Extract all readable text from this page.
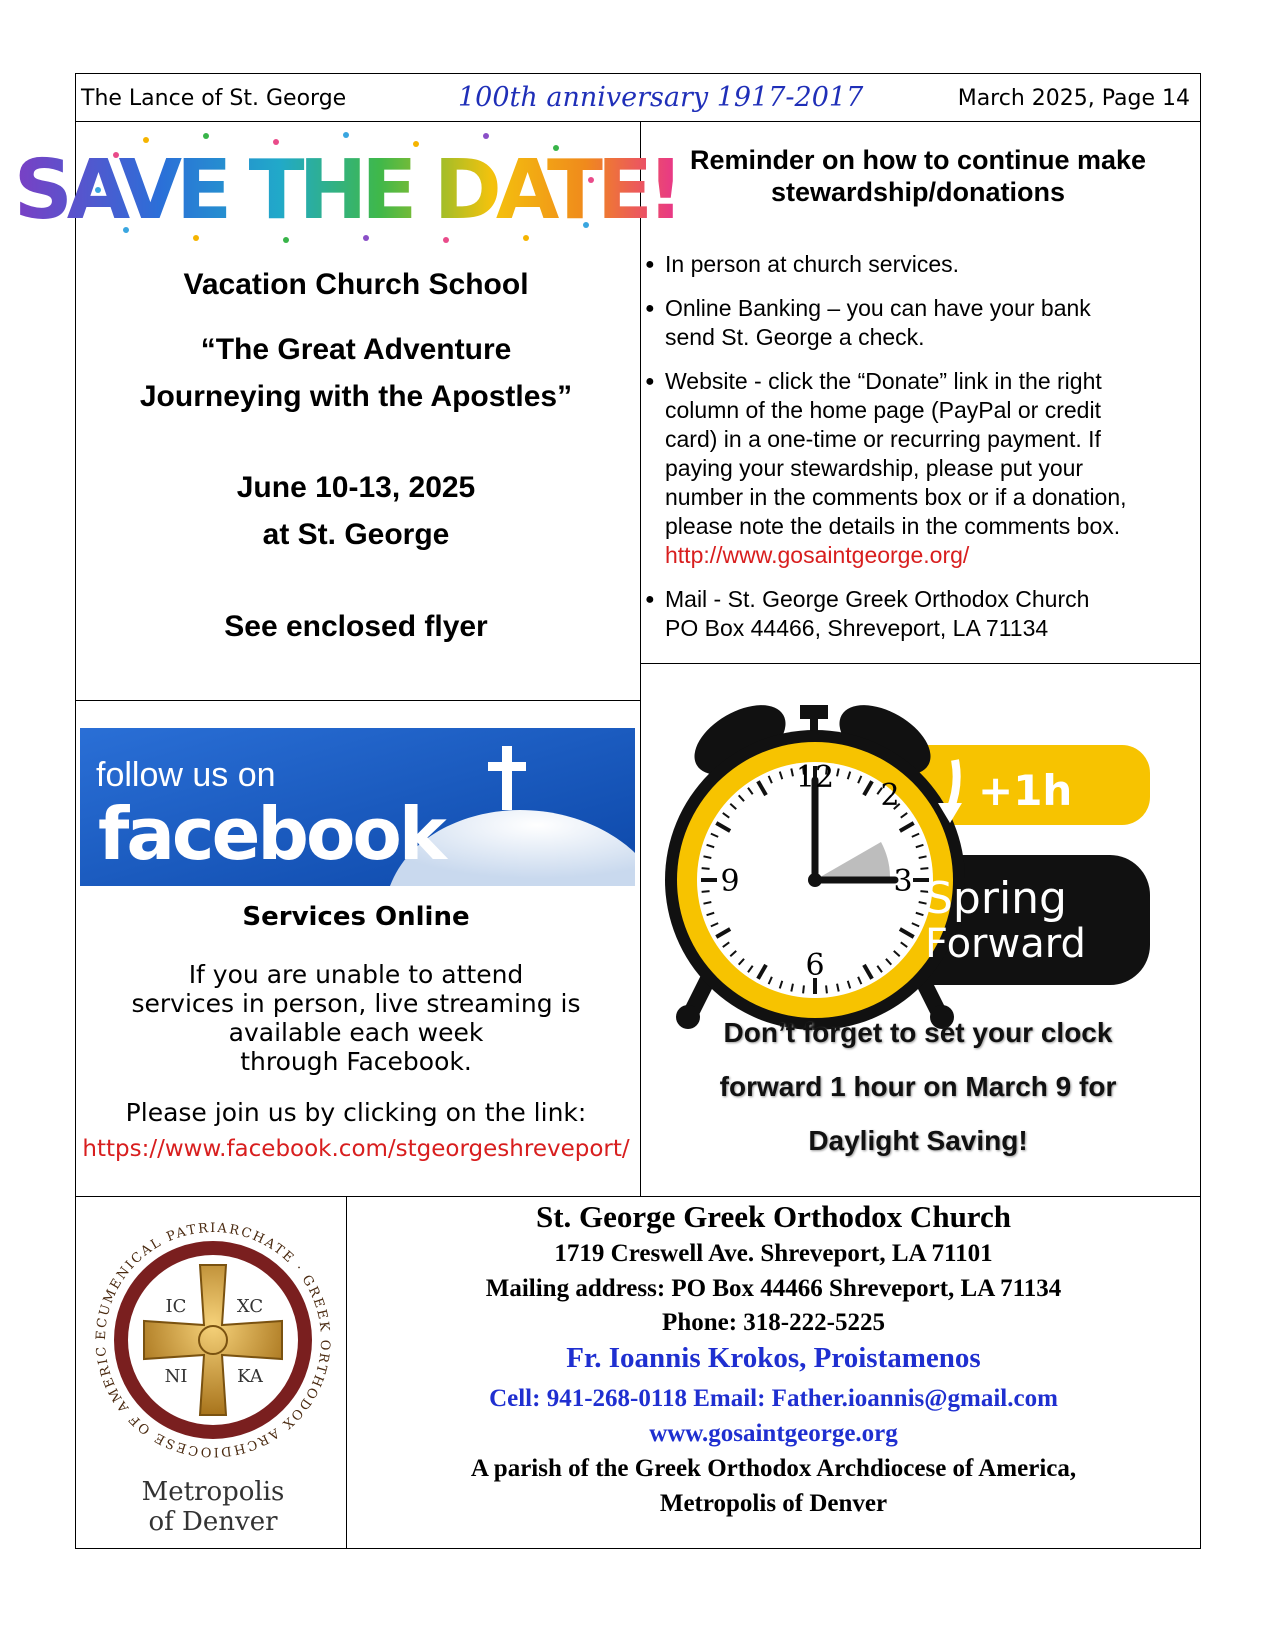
The Lance of St. George	100th anniversary 1917-2017	March 2025, Page 14
SAVE THE DATE!
Vacation Church School
“The Great Adventure
Journeying with the Apostles”
June 10-13, 2025
at St. George
See enclosed flyer
Reminder on how to continue make
stewardship/donations
● In person at church services.
● Online Banking – you can have your bank
send St. George a check.
● Website - click the “Donate” link in the right
column of the home page (PayPal or credit
card) in a one-time or recurring payment. If
paying your stewardship, please put your
number in the comments box or if a donation,
please note the details in the comments box.
http://www.gosaintgeorge.org/
● Mail - St. George Greek Orthodox Church
PO Box 44466, Shreveport, LA 71134
follow us on
facebook
Services Online
If you are unable to attend
services in person, live streaming is
available each week
through Facebook.
Please join us by clicking on the link:
https://www.facebook.com/stgeorgeshreveport/
12
2
3
6
9
+1h
Spring
Forward
Don’t forget to set your clock
forward 1 hour on March 9 for
Daylight Saving!
ECUMENICAL PATRIARCHATE · GREEK ORTHODOX ARCHDIOCESE OF AMERIC
IC	XC
NI	KA
Metropolis
of Denver
St. George Greek Orthodox Church
1719 Creswell Ave. Shreveport, LA 71101
Mailing address: PO Box 44466 Shreveport, LA 71134
Phone: 318-222-5225
Fr. Ioannis Krokos, Proistamenos
Cell: 941-268-0118 Email: Father.ioannis@gmail.com
www.gosaintgeorge.org
A parish of the Greek Orthodox Archdiocese of America,
Metropolis of Denver
